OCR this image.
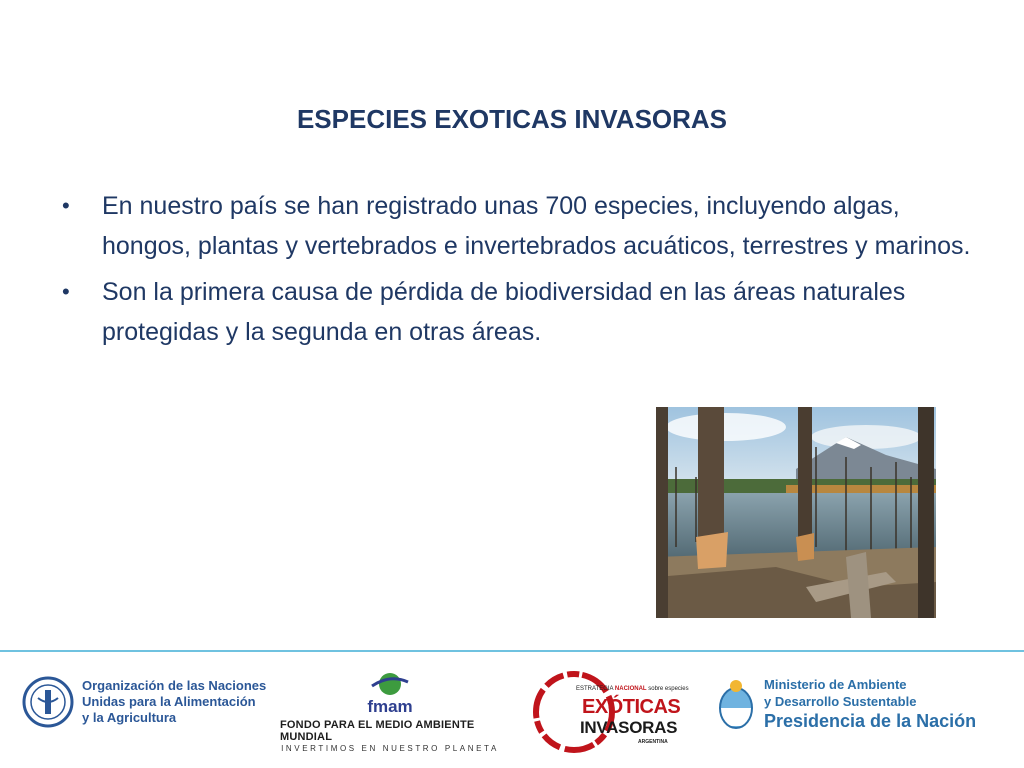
ESPECIES EXOTICAS INVASORAS
• En nuestro país se han registrado unas 700 especies, incluyendo algas, hongos, plantas y vertebrados e invertebrados acuáticos, terrestres y marinos.
• Son la primera causa de pérdida de biodiversidad en las áreas naturales protegidas y la segunda en otras áreas.
Organización de las Naciones
Unidas para la Alimentación
y la Agricultura
fmam
FONDO PARA EL MEDIO AMBIENTE MUNDIAL
INVERTIMOS EN NUESTRO PLANETA
ESTRATEGIA NACIONAL sobre especies
EXÓTICAS
INVASORAS
ARGENTINA
Ministerio de Ambiente
y Desarrollo Sustentable
Presidencia de la Nación
